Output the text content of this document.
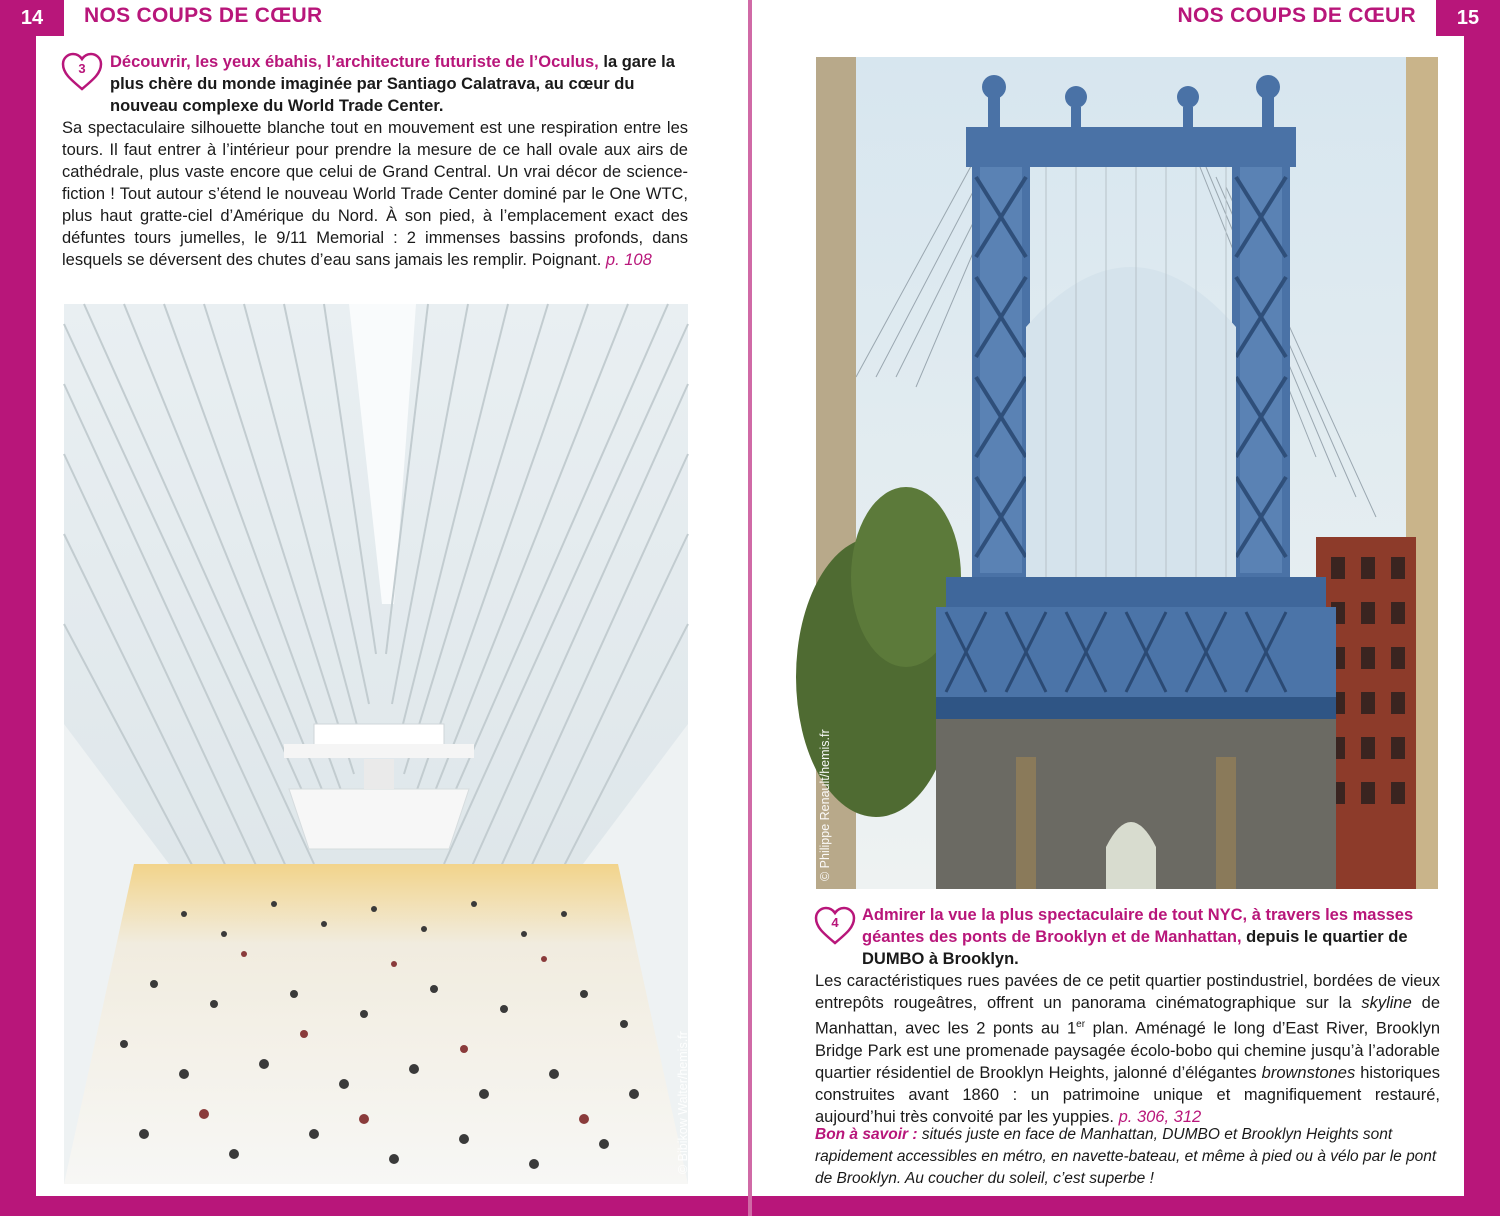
14	NOS COUPS DE CŒUR
3 Découvrir, les yeux ébahis, l’architecture futuriste de l’Oculus, la gare la plus chère du monde imaginée par Santiago Calatrava, au cœur du nouveau complexe du World Trade Center.
Sa spectaculaire silhouette blanche tout en mouvement est une respiration entre les tours. Il faut entrer à l’intérieur pour prendre la mesure de ce hall ovale aux airs de cathédrale, plus vaste encore que celui de Grand Central. Un vrai décor de science-fiction ! Tout autour s’étend le nouveau World Trade Center dominé par le One WTC, plus haut gratte-ciel d’Amérique du Nord. À son pied, à l’emplacement exact des défuntes tours jumelles, le 9/11 Memorial : 2 immenses bassins profonds, dans lesquels se déversent des chutes d’eau sans jamais les remplir. Poignant. p. 108
© Bibikow Walter/hemis.fr
15
NOS COUPS DE CŒUR
© Philippe Renault/hemis.fr
4 Admirer la vue la plus spectaculaire de tout NYC, à travers les masses géantes des ponts de Brooklyn et de Manhattan, depuis le quartier de DUMBO à Brooklyn.
Les caractéristiques rues pavées de ce petit quartier postindustriel, bordées de vieux entrepôts rougeâtres, offrent un panorama cinématographique sur la skyline de Manhattan, avec les 2 ponts au 1er plan. Aménagé le long d’East River, Brooklyn Bridge Park est une promenade paysagée écolo-bobo qui chemine jusqu’à l’adorable quartier résidentiel de Brooklyn Heights, jalonné d’élégantes brownstones historiques construites avant 1860 : un patrimoine unique et magnifiquement restauré, aujourd’hui très convoité par les yuppies. p. 306, 312
Bon à savoir : situés juste en face de Manhattan, DUMBO et Brooklyn Heights sont rapidement accessibles en métro, en navette-bateau, et même à pied ou à vélo par le pont de Brooklyn. Au coucher du soleil, c’est superbe !
